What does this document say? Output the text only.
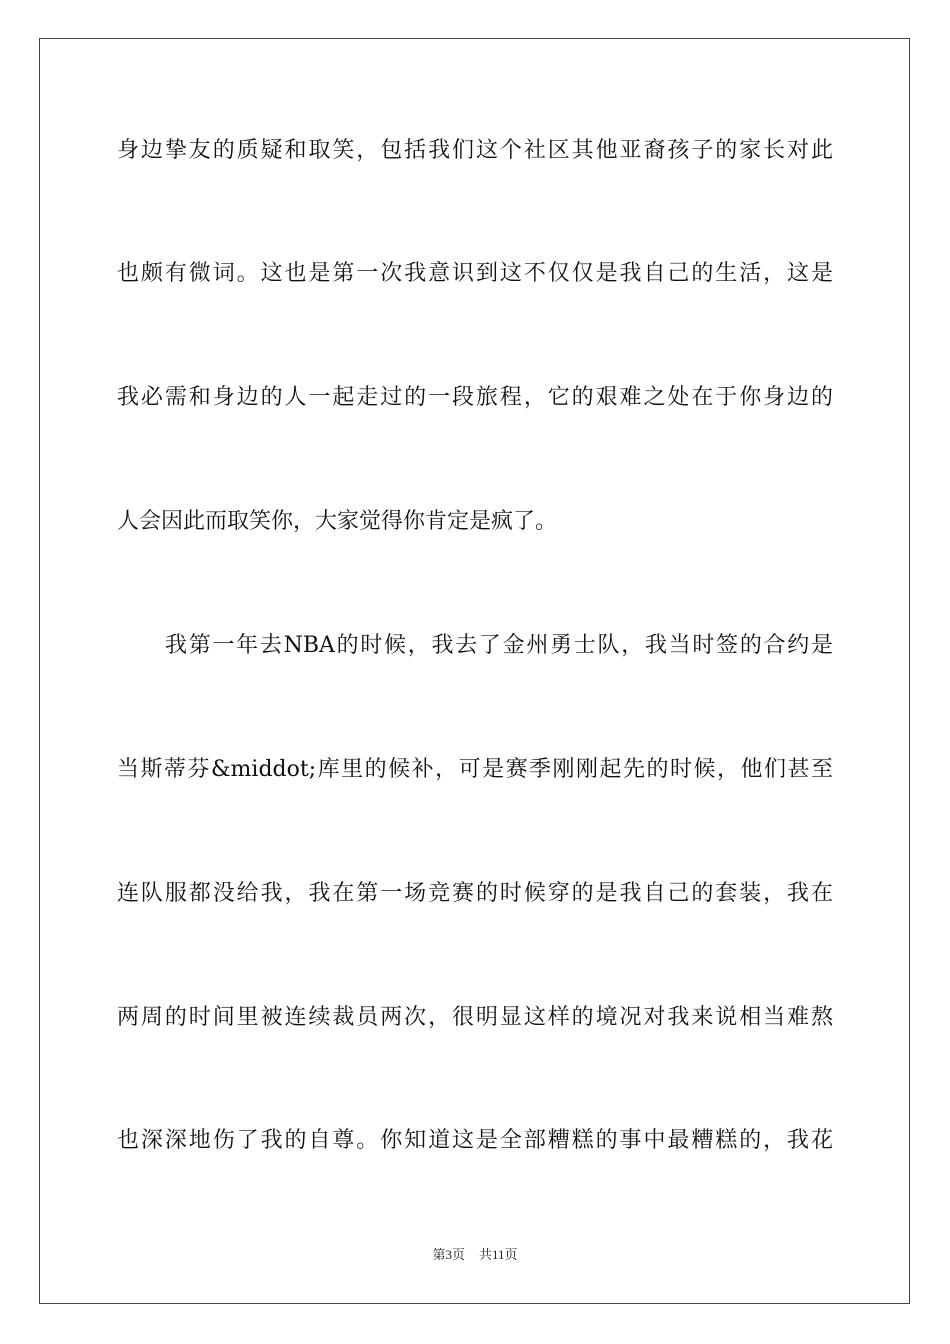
身边挚友的质疑和取笑，包括我们这个社区其他亚裔孩子的家长对此
也颇有微词。这也是第一次我意识到这不仅仅是我自己的生活，这是
我必需和身边的人一起走过的一段旅程，它的艰难之处在于你身边的
人会因此而取笑你，大家觉得你肯定是疯了。
我第一年去NBA的时候，我去了金州勇士队，我当时签的合约是
当斯蒂芬&middot;库里的候补，可是赛季刚刚起先的时候，他们甚至
连队服都没给我，我在第一场竞赛的时候穿的是我自己的套装，我在
两周的时间里被连续裁员两次，很明显这样的境况对我来说相当难熬
也深深地伤了我的自尊。你知道这是全部糟糕的事中最糟糕的，我花
第3页 共11页
